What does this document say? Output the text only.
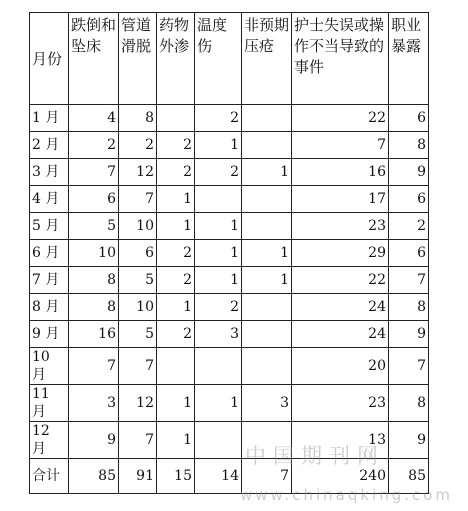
月份	跌倒和坠床	管道滑脱	药物外渗	温度伤	非预期压疮	护士失误或操作不当导致的事件	职业暴露
1 月	4	8		2		22	6
2 月	2	2	2	1		7	8
3 月	7	12	2	2	1	16	9
4 月	6	7	1			17	6
5 月	5	10	1	1		23	2
6 月	10	6	2	1	1	29	6
7 月	8	5	2	1	1	22	7
8 月	8	10	1	2		24	8
9 月	16	5	2	3		24	9
10 月	7	7				20	7
11 月	3	12	1	1	3	23	8
12 月	9	7	1			13	9
合计	85	91	15	14	7	240	85
中国期刊网
www.chinaqking.com
